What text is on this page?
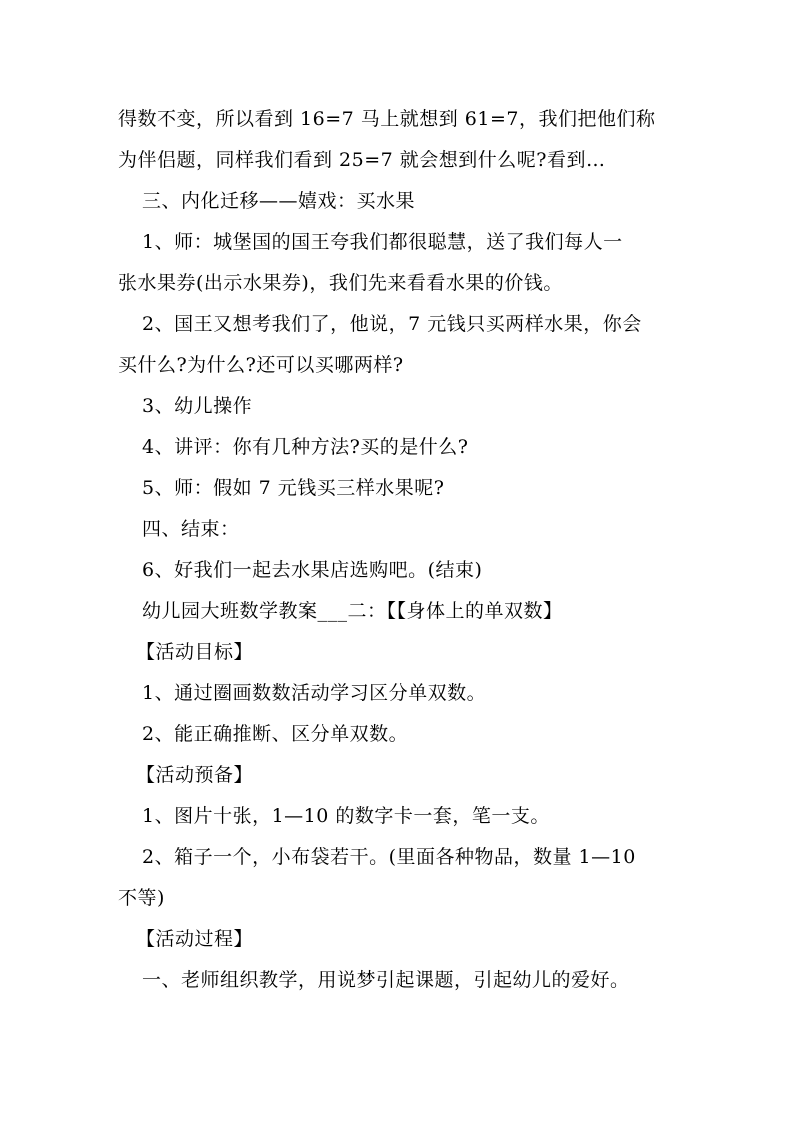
得数不变，所以看到 16=7 马上就想到 61=7，我们把他们称
为伴侣题，同样我们看到 25=7 就会想到什么呢?看到…
三、内化迁移——嬉戏：买水果
1、师：城堡国的国王夸我们都很聪慧，送了我们每人一
张水果券(出示水果券)，我们先来看看水果的价钱。
2、国王又想考我们了，他说，7 元钱只买两样水果，你会
买什么?为什么?还可以买哪两样?
3、幼儿操作
4、讲评：你有几种方法?买的是什么?
5、师：假如 7 元钱买三样水果呢?
四、结束：
6、好我们一起去水果店选购吧。(结束)
幼儿园大班数学教案___二：【【身体上的单双数】
【活动目标】
1、通过圈画数数活动学习区分单双数。
2、能正确推断、区分单双数。
【活动预备】
1、图片十张，1—10 的数字卡一套，笔一支。
2、箱子一个，小布袋若干。(里面各种物品，数量 1—10
不等)
【活动过程】
一、老师组织教学，用说梦引起课题，引起幼儿的爱好。
